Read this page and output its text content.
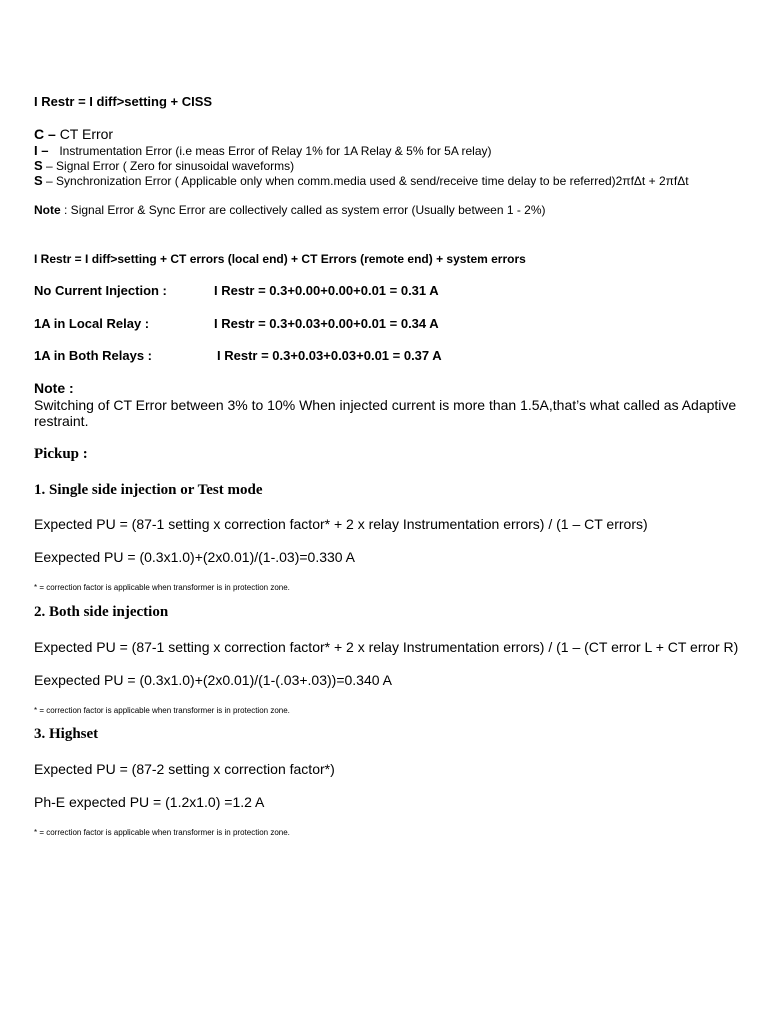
I Restr = I diff>setting + CISS
C – CT Error
I – Instrumentation Error (i.e meas Error of Relay 1% for 1A Relay & 5% for 5A relay)
S – Signal Error ( Zero for sinusoidal waveforms)
S – Synchronization Error ( Applicable only when comm.media used & send/receive time delay to be referred)2πfΔt + 2πfΔt
Note : Signal Error & Sync Error are collectively called as system error (Usually between 1 - 2%)
I Restr = I diff>setting + CT errors (local end) + CT Errors (remote end) + system errors
No Current Injection :	I Restr = 0.3+0.00+0.00+0.01 = 0.31 A
1A in Local Relay :	I Restr = 0.3+0.03+0.00+0.01 = 0.34 A
1A in Both Relays :	I Restr = 0.3+0.03+0.03+0.01 = 0.37 A
Note :
Switching of CT Error between 3% to 10% When injected current is more than 1.5A,that’s what called as Adaptive
restraint.
Pickup :
1. Single side injection or Test mode
Expected PU = (87-1 setting x correction factor* + 2 x relay Instrumentation errors) / (1 – CT errors)
Eexpected PU = (0.3x1.0)+(2x0.01)/(1-.03)=0.330 A
* = correction factor is applicable when transformer is in protection zone.
2. Both side injection
Expected PU = (87-1 setting x correction factor* + 2 x relay Instrumentation errors) / (1 – (CT error L + CT error R)
Eexpected PU = (0.3x1.0)+(2x0.01)/(1-(.03+.03))=0.340 A
* = correction factor is applicable when transformer is in protection zone.
3. Highset
Expected PU = (87-2 setting x correction factor*)
Ph-E expected PU = (1.2x1.0) =1.2 A
* = correction factor is applicable when transformer is in protection zone.
